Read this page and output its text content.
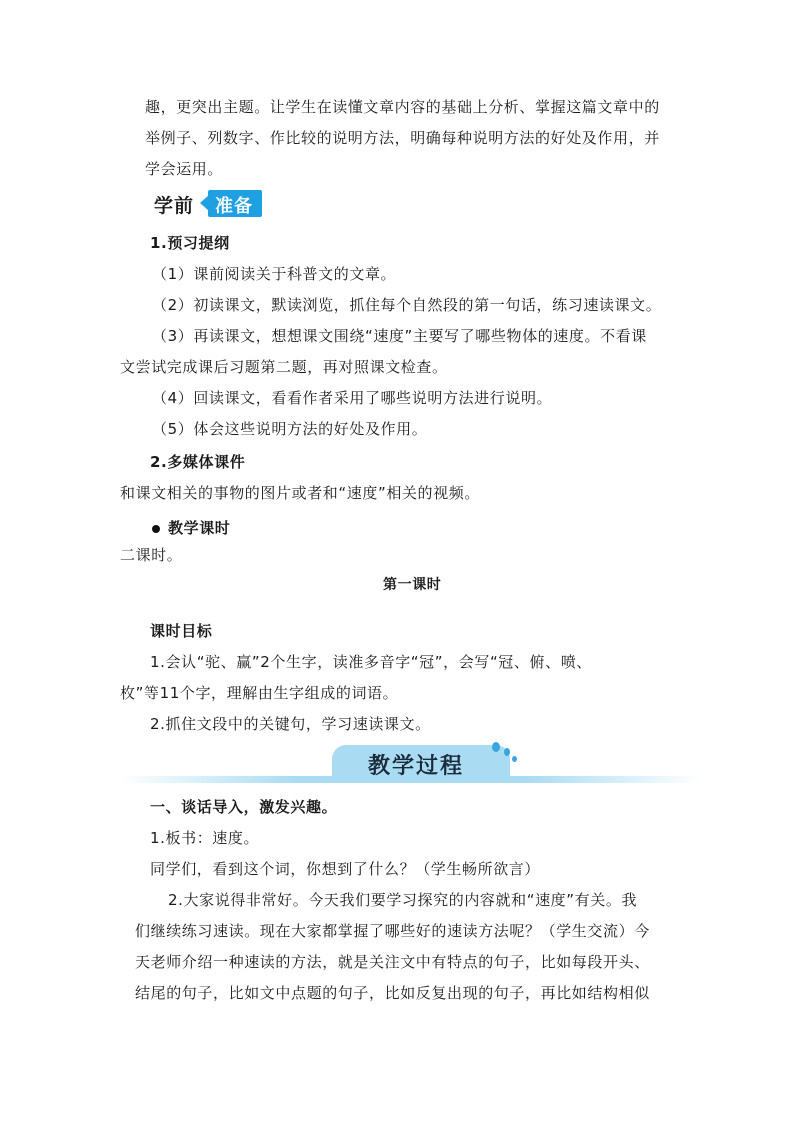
趣，更突出主题。让学生在读懂文章内容的基础上分析、掌握这篇文章中的
举例子、列数字、作比较的说明方法，明确每种说明方法的好处及作用，并
学会运用。
学前 准备
1.预习提纲
（1）课前阅读关于科普文的文章。
（2）初读课文，默读浏览，抓住每个自然段的第一句话，练习速读课文。
（3）再读课文，想想课文围绕“速度”主要写了哪些物体的速度。不看课
文尝试完成课后习题第二题，再对照课文检查。
（4）回读课文，看看作者采用了哪些说明方法进行说明。
（5）体会这些说明方法的好处及作用。
2.多媒体课件
和课文相关的事物的图片或者和“速度”相关的视频。
教学课时
二课时。
第一课时
课时目标
1.会认“驼、赢”2个生字，读准多音字“冠”，会写“冠、俯、喷、
枚”等11个字，理解由生字组成的词语。
2.抓住文段中的关键句，学习速读课文。
教学过程
一、谈话导入，激发兴趣。
1.板书：速度。
同学们，看到这个词，你想到了什么？（学生畅所欲言）
2.大家说得非常好。今天我们要学习探究的内容就和“速度”有关。我
们继续练习速读。现在大家都掌握了哪些好的速读方法呢？（学生交流）今
天老师介绍一种速读的方法，就是关注文中有特点的句子，比如每段开头、
结尾的句子，比如文中点题的句子，比如反复出现的句子，再比如结构相似
